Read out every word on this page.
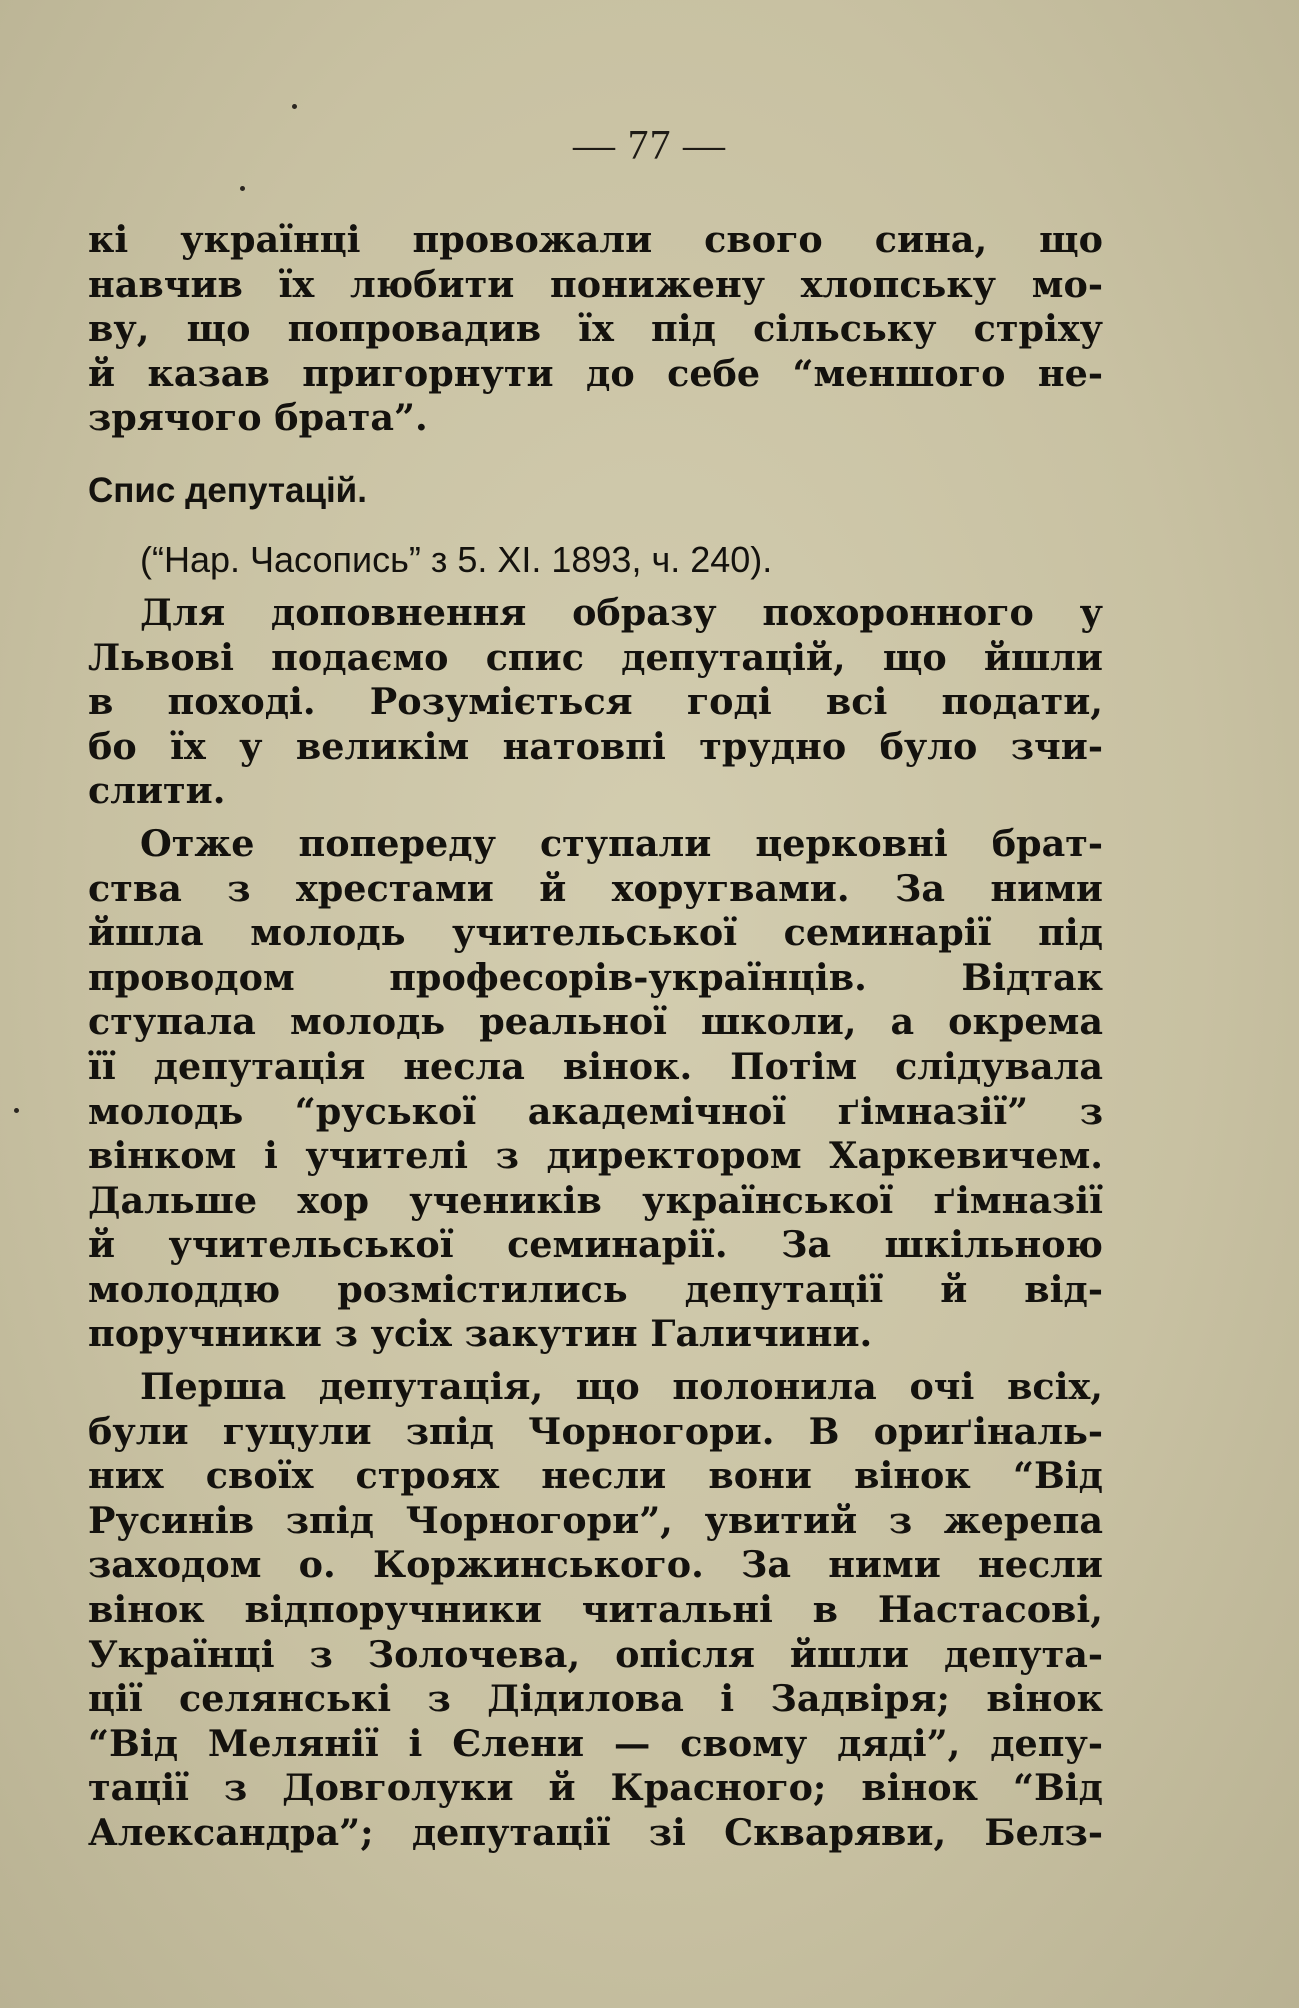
— 77 —

кі українці провожали свого сина, що
навчив їх любити понижену хлопську мо-
ву, що попровадив їх під сільську стріху
й казав пригорнути до себе “меншого не-
зрячого брата”.

Спис депутацій.
(“Нар. Часопись” з 5. ХІ. 1893, ч. 240).

Для доповнення образу похоронного у
Львові подаємо спис депутацій, що йшли
в поході. Розуміється годі всі подати,
бо їх у великім натовпі трудно було зчи-
слити.

Отже попереду ступали церковні брат-
ства з хрестами й хоругвами. За ними
йшла молодь учительської семинарії під
проводом професорів-українців. Відтак
ступала молодь реальної школи, а окрема
її депутація несла вінок. Потім слідувала
молодь “руської академічної ґімназії” з
вінком і учителі з директором Харкевичем.
Дальше хор учеників української ґімназії
й учительської семинарії. За шкільною
молоддю розмістились депутації й від-
поручники з усіх закутин Галичини.

Перша депутація, що полонила очі всіх,
були гуцули зпід Чорногори. В ориґіналь-
них своїх строях несли вони вінок “Від
Русинів зпід Чорногори”, увитий з жерепа
заходом о. Коржинського. За ними несли
вінок відпоручники читальні в Настасові,
Українці з Золочева, опісля йшли депута-
ції селянські з Дідилова і Задвіря; вінок
“Від Мелянії і Єлени — свому дяді”, депу-
тації з Довголуки й Красного; вінок “Від
Александра”; депутації зі Скваряви, Белз-
